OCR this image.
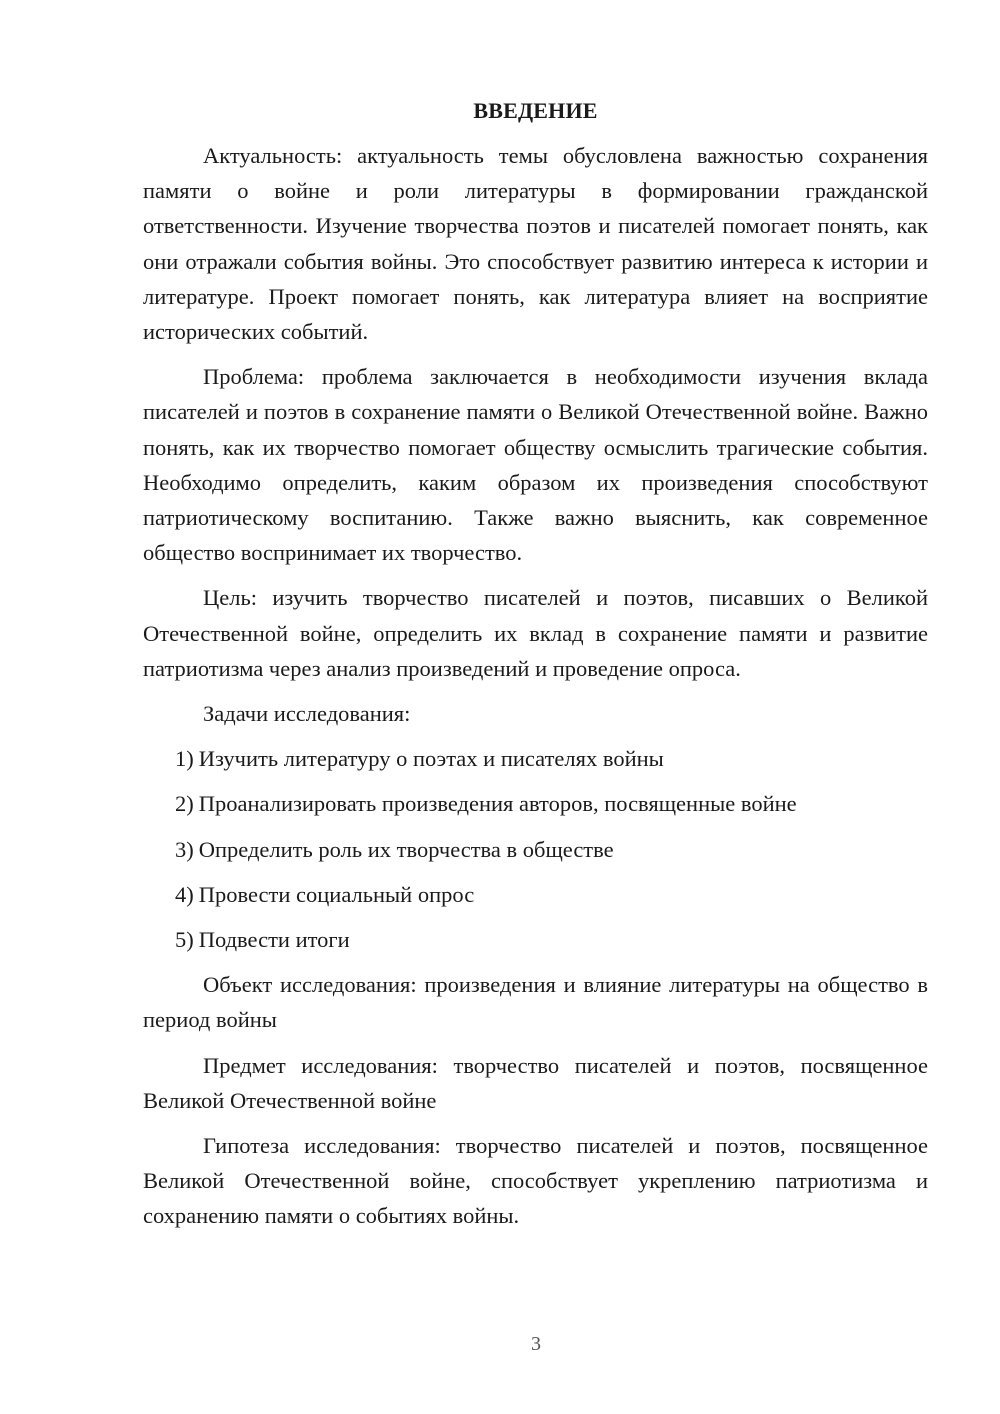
ВВЕДЕНИЕ

Актуальность: актуальность темы обусловлена важностью сохранения памяти о войне и роли литературы в формировании гражданской ответственности. Изучение творчества поэтов и писателей помогает понять, как они отражали события войны. Это способствует развитию интереса к истории и литературе. Проект помогает понять, как литература влияет на восприятие исторических событий.

Проблема: проблема заключается в необходимости изучения вклада писателей и поэтов в сохранение памяти о Великой Отечественной войне. Важно понять, как их творчество помогает обществу осмыслить трагические события. Необходимо определить, каким образом их произведения способствуют патриотическому воспитанию. Также важно выяснить, как современное общество воспринимает их творчество.

Цель: изучить творчество писателей и поэтов, писавших о Великой Отечественной войне, определить их вклад в сохранение памяти и развитие патриотизма через анализ произведений и проведение опроса.

Задачи исследования:

1) Изучить литературу о поэтах и писателях войны
2) Проанализировать произведения авторов, посвященные войне
3) Определить роль их творчества в обществе
4) Провести социальный опрос
5) Подвести итоги

Объект исследования: произведения и влияние литературы на общество в период войны

Предмет исследования: творчество писателей и поэтов, посвященное Великой Отечественной войне

Гипотеза исследования: творчество писателей и поэтов, посвященное Великой Отечественной войне, способствует укреплению патриотизма и сохранению памяти о событиях войны.

3
